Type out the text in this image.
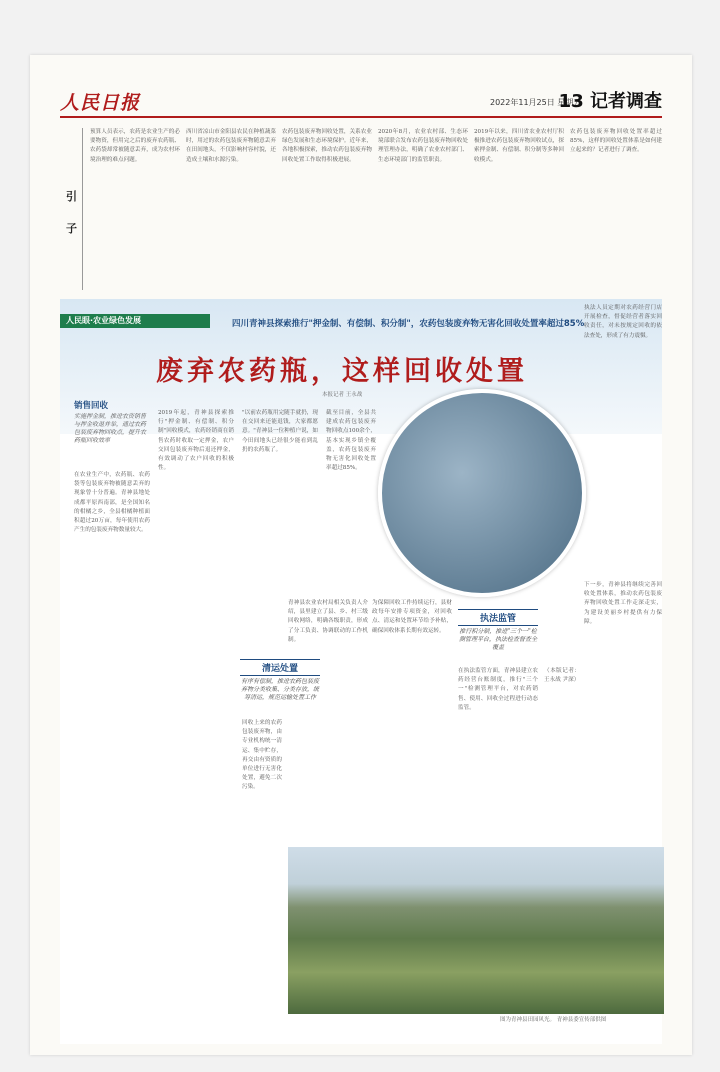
人民日报	2022年11月25日 星期五
13 记者调查
引
子
预算人员表示，农药是农业生产的必要物资，但用完之后的废弃农药瓶、农药袋却常被随意丢弃，成为农村环境治理的难点问题。
西川省凉山市金阳县农民在种植蔬菜时，用过的农药包装废弃物随意丢弃在田间地头，不仅影响村容村貌，还造成土壤和水源污染。
农药包装废弃物回收处置，关系农业绿色发展和生态环境保护。近年来，各地积极探索，推动农药包装废弃物回收处置工作取得积极进展。
2020年8月，农业农村部、生态环境部联合发布农药包装废弃物回收处理管理办法，明确了农业农村部门、生态环境部门的监管职责。
2019年以来，四川省农业农村厅积极推进农药包装废弃物回收试点，探索押金制、有偿制、积分制等多种回收模式。
农药包装废弃物回收处置率超过85%，这样的回收处置体系是如何建立起来的？记者进行了调查。
人民眼·农业绿色发展	四川青神县探索推行"押金制、有偿制、积分制"，农药包装废弃物无害化回收处置率超过85%
废弃农药瓶，这样回收处置
本报记者 王永战
销售回收
实施押金制，推进农资销售与押金收退并举，通过农药包装废弃物回收点，提升农药瓶回收效率
在农业生产中，农药瓶、农药袋等包装废弃物被随意丢弃的现象曾十分普遍。青神县地处成都平原西南部，是全国知名的柑橘之乡，全县柑橘种植面积超过20万亩，每年使用农药产生的包装废弃物数量较大。
2019年起，青神县探索推行"押金制、有偿制、积分制"回收模式，农药经销商在销售农药时收取一定押金，农户交回包装废弃物后退还押金，有效调动了农户回收的积极性。
"以前农药瓶用完随手就扔，现在交回来还能退钱，大家都愿意。"青神县一位种植户说，如今田间地头已经很少能看到乱扔的农药瓶了。
截至目前，全县共建成农药包装废弃物回收点100余个，基本实现乡镇全覆盖，农药包装废弃物无害化回收处置率超过85%。
清运处置
有序有偿制，推进农药包装废弃物分类收集、分类存放，统筹清运，规范运输处置工作
回收上来的农药包装废弃物，由专业机构统一清运、集中贮存，再交由有资质的单位进行无害化处置，避免二次污染。
青神县农业农村局相关负责人介绍，县里建立了县、乡、村三级回收网络，明确各级职责，形成了分工负责、协调联动的工作机制。
为保障回收工作持续运行，县财政每年安排专项资金，对回收点、清运和处置环节给予补贴，确保回收体系长期有效运转。
执法监管
推行积分制，推进"三个一"检测管理平台，执法检查督查全覆盖
在执法监管方面，青神县建立农药经营台账制度，推行"三个一"检测管理平台，对农药销售、使用、回收全过程进行动态监管。
执法人员定期对农药经营门店开展检查，督促经营者落实回收责任，对未按规定回收的依法查处，形成了有力震慑。
下一步，青神县将继续完善回收处置体系，推动农药包装废弃物回收处置工作走深走实，为建设美丽乡村提供有力保障。
（本版记者：王永战 尹深）
图为青神县田园风光。 青神县委宣传部供图
